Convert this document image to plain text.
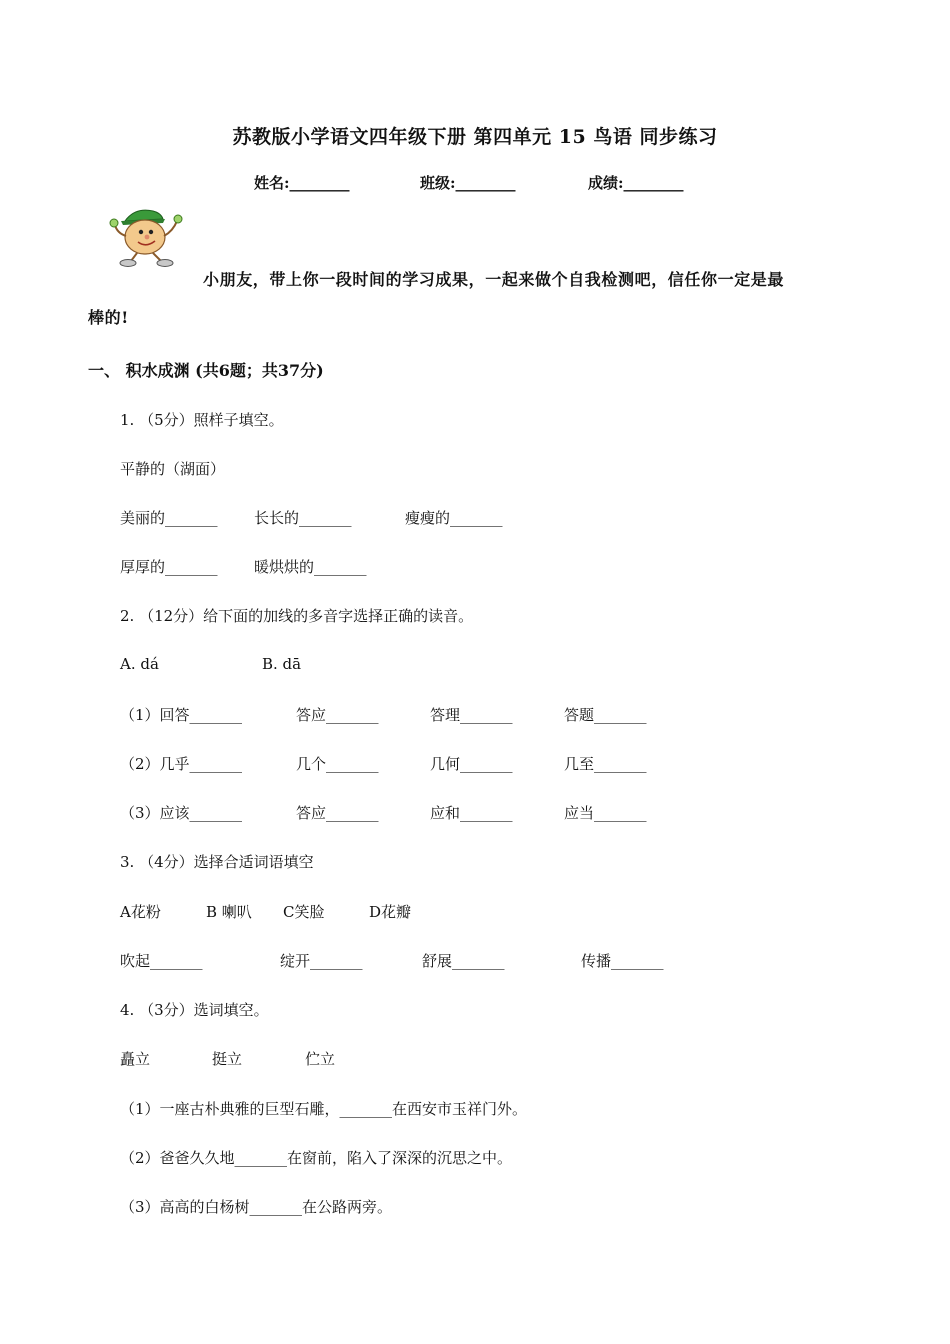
苏教版小学语文四年级下册 第四单元 15 鸟语 同步练习
姓名:________	班级:________	成绩:________
小朋友，带上你一段时间的学习成果，一起来做个自我检测吧，信任你一定是最
棒的!
一、 积水成渊 (共6题；共37分)
1. （5分）照样子填空。
平静的（湖面）
美丽的_______ 长长的_______	瘦瘦的_______
厚厚的_______ 暖烘烘的_______
2. （12分）给下面的加线的多音字选择正确的读音。
A. dá	B. dā
（1）回答_______	答应_______	答理_______	答题_______
（2）几乎_______	几个_______	几何_______	几至_______
（3）应该_______	答应_______	应和_______	应当_______
3. （4分）选择合适词语填空
A花粉	B 喇叭 C笑脸	D花瓣
吹起_______	绽开_______	舒展_______	传播_______
4. （3分）选词填空。
矗立	挺立	伫立
（1）一座古朴典雅的巨型石雕，_______在西安市玉祥门外。
（2）爸爸久久地_______在窗前，陷入了深深的沉思之中。
（3）高高的白杨树_______在公路两旁。
